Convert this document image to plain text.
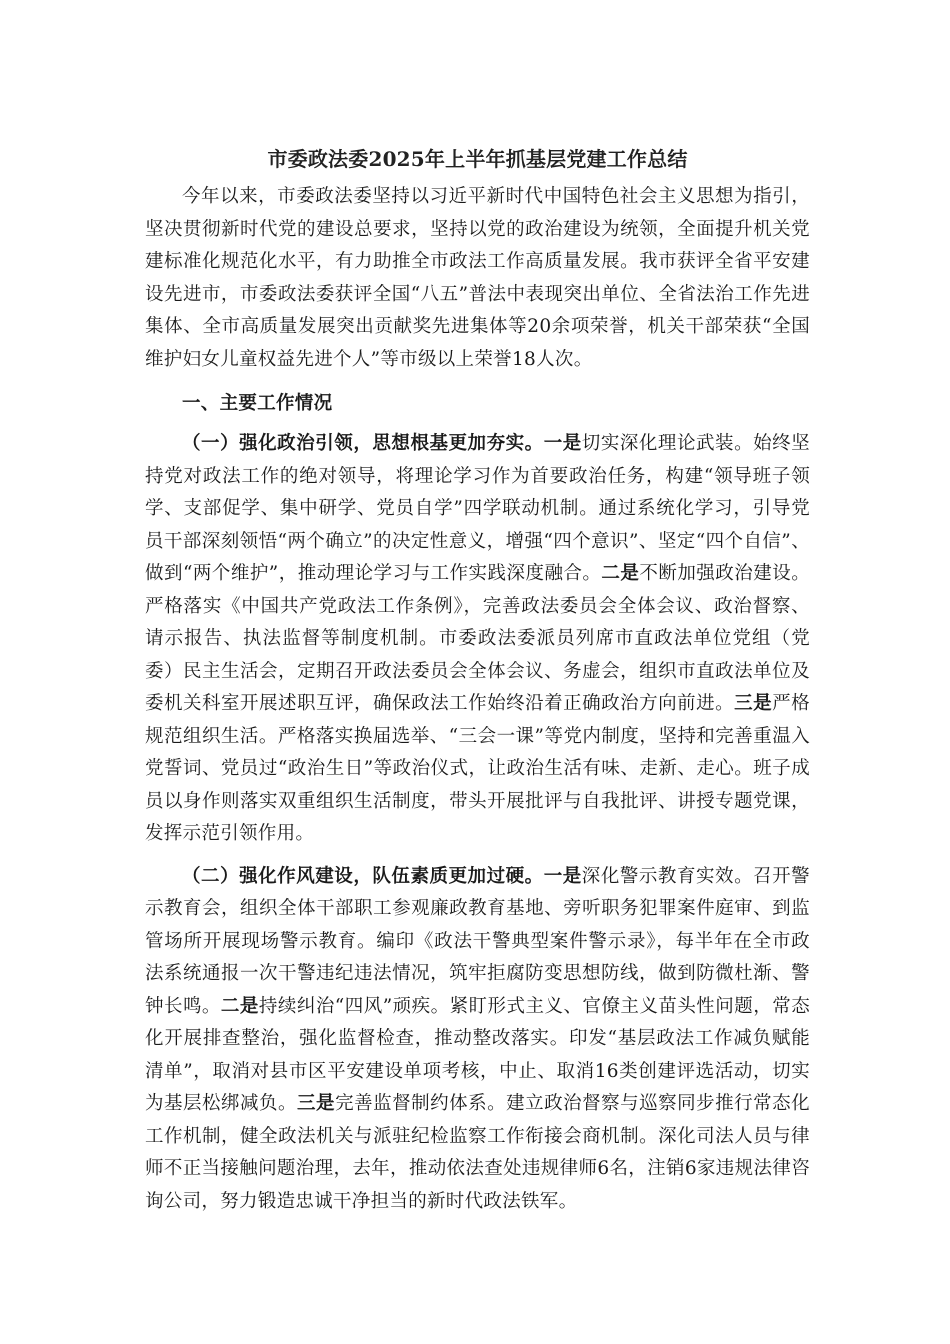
市委政法委2025年上半年抓基层党建工作总结

今年以来，市委政法委坚持以习近平新时代中国特色社会主义思想为指引，坚决贯彻新时代党的建设总要求，坚持以党的政治建设为统领，全面提升机关党建标准化规范化水平，有力助推全市政法工作高质量发展。我市获评全省平安建设先进市，市委政法委获评全国“八五”普法中表现突出单位、全省法治工作先进集体、全市高质量发展突出贡献奖先进集体等20余项荣誉，机关干部荣获“全国维护妇女儿童权益先进个人”等市级以上荣誉18人次。

一、主要工作情况

（一）强化政治引领，思想根基更加夯实。一是切实深化理论武装。始终坚持党对政法工作的绝对领导，将理论学习作为首要政治任务，构建“领导班子领学、支部促学、集中研学、党员自学”四学联动机制。通过系统化学习，引导党员干部深刻领悟“两个确立”的决定性意义，增强“四个意识”、坚定“四个自信”、做到“两个维护”，推动理论学习与工作实践深度融合。二是不断加强政治建设。严格落实《中国共产党政法工作条例》，完善政法委员会全体会议、政治督察、请示报告、执法监督等制度机制。市委政法委派员列席市直政法单位党组（党委）民主生活会，定期召开政法委员会全体会议、务虚会，组织市直政法单位及委机关科室开展述职互评，确保政法工作始终沿着正确政治方向前进。三是严格规范组织生活。严格落实换届选举、“三会一课”等党内制度，坚持和完善重温入党誓词、党员过“政治生日”等政治仪式，让政治生活有味、走新、走心。班子成员以身作则落实双重组织生活制度，带头开展批评与自我批评、讲授专题党课，发挥示范引领作用。

（二）强化作风建设，队伍素质更加过硬。一是深化警示教育实效。召开警示教育会，组织全体干部职工参观廉政教育基地、旁听职务犯罪案件庭审、到监管场所开展现场警示教育。编印《政法干警典型案件警示录》，每半年在全市政法系统通报一次干警违纪违法情况，筑牢拒腐防变思想防线，做到防微杜渐、警钟长鸣。二是持续纠治“四风”顽疾。紧盯形式主义、官僚主义苗头性问题，常态化开展排查整治，强化监督检查，推动整改落实。印发“基层政法工作减负赋能清单”，取消对县市区平安建设单项考核，中止、取消16类创建评选活动，切实为基层松绑减负。三是完善监督制约体系。建立政治督察与巡察同步推行常态化工作机制，健全政法机关与派驻纪检监察工作衔接会商机制。深化司法人员与律师不正当接触问题治理，去年，推动依法查处违规律师6名，注销6家违规法律咨询公司，努力锻造忠诚干净担当的新时代政法铁军。
